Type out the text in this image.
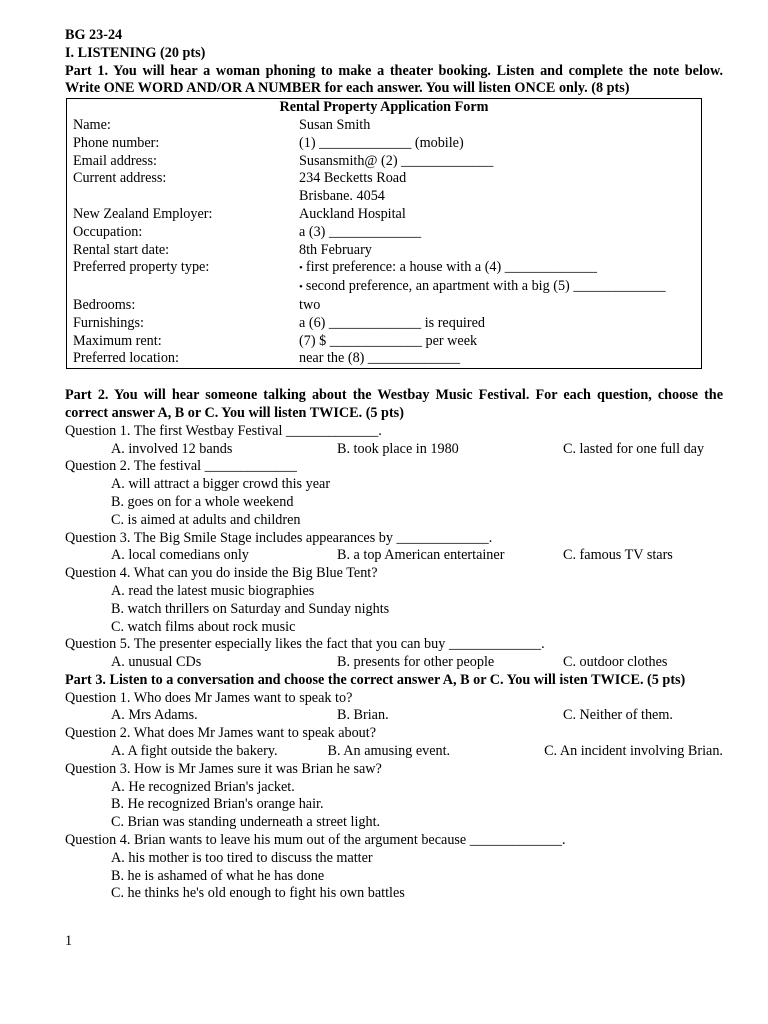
BG 23-24

I. LISTENING (20 pts)

Part 1. You will hear a woman phoning to make a theater booking. Listen and complete the note below. Write ONE WORD AND/OR A NUMBER for each answer. You will listen ONCE only. (8 pts)

Rental Property Application Form	
Name:	Susan Smith
Phone number:	(1) _____________ (mobile)
Email address:	Susansmith@ (2) _____________
Current address:	234 Becketts Road
	Brisbane. 4054
New Zealand Employer:	Auckland Hospital
Occupation:	a (3) _____________
Rental start date:	8th February
Preferred property type:	• first preference: a house with a (4) _____________
	• second preference, an apartment with a big (5) _____________
Bedrooms:	two
Furnishings:	a (6) _____________ is required
Maximum rent:	(7) $ _____________ per week
Preferred location:	near the (8) _____________

Part 2. You will hear someone talking about the Westbay Music Festival. For each question, choose the correct answer A, B or C. You will listen TWICE. (5 pts)

Question 1. The first Westbay Festival _____________.
A. involved 12 bands	B. took place in 1980	C. lasted for one full day
Question 2. The festival _____________
A. will attract a bigger crowd this year
B. goes on for a whole weekend
C. is aimed at adults and children
Question 3. The Big Smile Stage includes appearances by _____________.
A. local comedians only	B. a top American entertainer	C. famous TV stars
Question 4. What can you do inside the Big Blue Tent?
A. read the latest music biographies
B. watch thrillers on Saturday and Sunday nights
C. watch films about rock music
Question 5. The presenter especially likes the fact that you can buy _____________.
A. unusual CDs	B. presents for other people	C. outdoor clothes

Part 3. Listen to a conversation and choose the correct answer A, B or C. You will isten TWICE. (5 pts)

Question 1. Who does Mr James want to speak to?
A. Mrs Adams.	B. Brian.	C. Neither of them.
Question 2. What does Mr James want to speak about?
A. A fight outside the bakery.	B. An amusing event.	C. An incident involving Brian.
Question 3. How is Mr James sure it was Brian he saw?
A. He recognized Brian's jacket.
B. He recognized Brian's orange hair.
C. Brian was standing underneath a street light.
Question 4. Brian wants to leave his mum out of the argument because _____________.
A. his mother is too tired to discuss the matter
B. he is ashamed of what he has done
C. he thinks he's old enough to fight his own battles
1
